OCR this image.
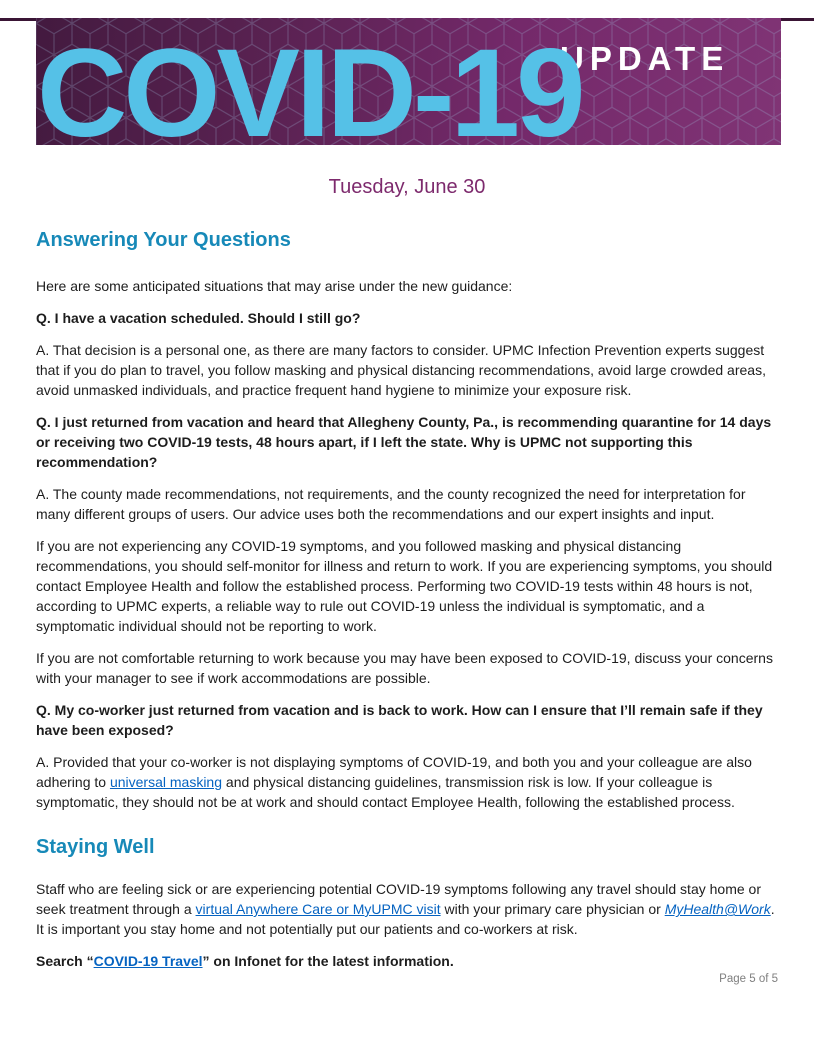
UPDATE
COVID-19
Tuesday, June 30
Answering Your Questions

Here are some anticipated situations that may arise under the new guidance:

Q. I have a vacation scheduled. Should I still go?

A. That decision is a personal one, as there are many factors to consider. UPMC Infection Prevention experts suggest that if you do plan to travel, you follow masking and physical distancing recommendations, avoid large crowded areas, avoid unmasked individuals, and practice frequent hand hygiene to minimize your exposure risk.

Q. I just returned from vacation and heard that Allegheny County, Pa., is recommending quarantine for 14 days or receiving two COVID-19 tests, 48 hours apart, if I left the state. Why is UPMC not supporting this recommendation?

A. The county made recommendations, not requirements, and the county recognized the need for interpretation for many different groups of users. Our advice uses both the recommendations and our expert insights and input.

If you are not experiencing any COVID-19 symptoms, and you followed masking and physical distancing recommendations, you should self-monitor for illness and return to work. If you are experiencing symptoms, you should contact Employee Health and follow the established process. Performing two COVID-19 tests within 48 hours is not, according to UPMC experts, a reliable way to rule out COVID-19 unless the individual is symptomatic, and a symptomatic individual should not be reporting to work.

If you are not comfortable returning to work because you may have been exposed to COVID-19, discuss your concerns with your manager to see if work accommodations are possible.

Q. My co-worker just returned from vacation and is back to work. How can I ensure that I’ll remain safe if they have been exposed?

A. Provided that your co-worker is not displaying symptoms of COVID-19, and both you and your colleague are also adhering to universal masking and physical distancing guidelines, transmission risk is low. If your colleague is symptomatic, they should not be at work and should contact Employee Health, following the established process.

Staying Well

Staff who are feeling sick or are experiencing potential COVID-19 symptoms following any travel should stay home or seek treatment through a virtual Anywhere Care or MyUPMC visit with your primary care physician or MyHealth@Work. It is important you stay home and not potentially put our patients and co-workers at risk.

Search “COVID-19 Travel” on Infonet for the latest information.

Page 5 of 5
